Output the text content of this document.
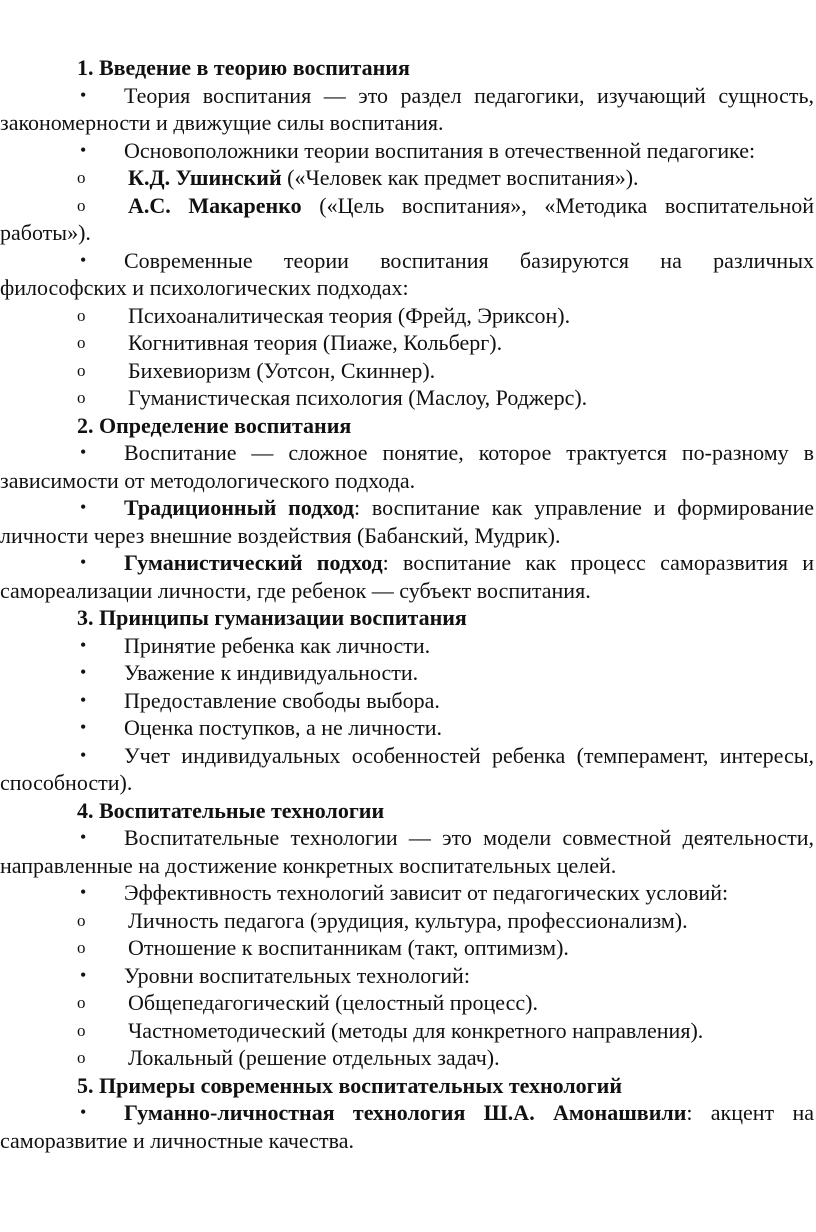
1. Введение в теорию воспитания

• Теория воспитания — это раздел педагогики, изучающий сущность, закономерности и движущие силы воспитания.

• Основоположники теории воспитания в отечественной педагогике:

o К.Д. Ушинский («Человек как предмет воспитания»).

o А.С. Макаренко («Цель воспитания», «Методика воспитательной работы»).

• Современные теории воспитания базируются на различных философских и психологических подходах:

o Психоаналитическая теория (Фрейд, Эриксон).

o Когнитивная теория (Пиаже, Кольберг).

o Бихевиоризм (Уотсон, Скиннер).

o Гуманистическая психология (Маслоу, Роджерс).

2. Определение воспитания

• Воспитание — сложное понятие, которое трактуется по-разному в зависимости от методологического подхода.

• Традиционный подход: воспитание как управление и формирование личности через внешние воздействия (Бабанский, Мудрик).

• Гуманистический подход: воспитание как процесс саморазвития и самореализации личности, где ребенок — субъект воспитания.

3. Принципы гуманизации воспитания

• Принятие ребенка как личности.

• Уважение к индивидуальности.

• Предоставление свободы выбора.

• Оценка поступков, а не личности.

• Учет индивидуальных особенностей ребенка (темперамент, интересы, способности).

4. Воспитательные технологии

• Воспитательные технологии — это модели совместной деятельности, направленные на достижение конкретных воспитательных целей.

• Эффективность технологий зависит от педагогических условий:

o Личность педагога (эрудиция, культура, профессионализм).

o Отношение к воспитанникам (такт, оптимизм).

• Уровни воспитательных технологий:

o Общепедагогический (целостный процесс).

o Частнометодический (методы для конкретного направления).

o Локальный (решение отдельных задач).

5. Примеры современных воспитательных технологий

• Гуманно-личностная технология Ш.А. Амонашвили: акцент на саморазвитие и личностные качества.
